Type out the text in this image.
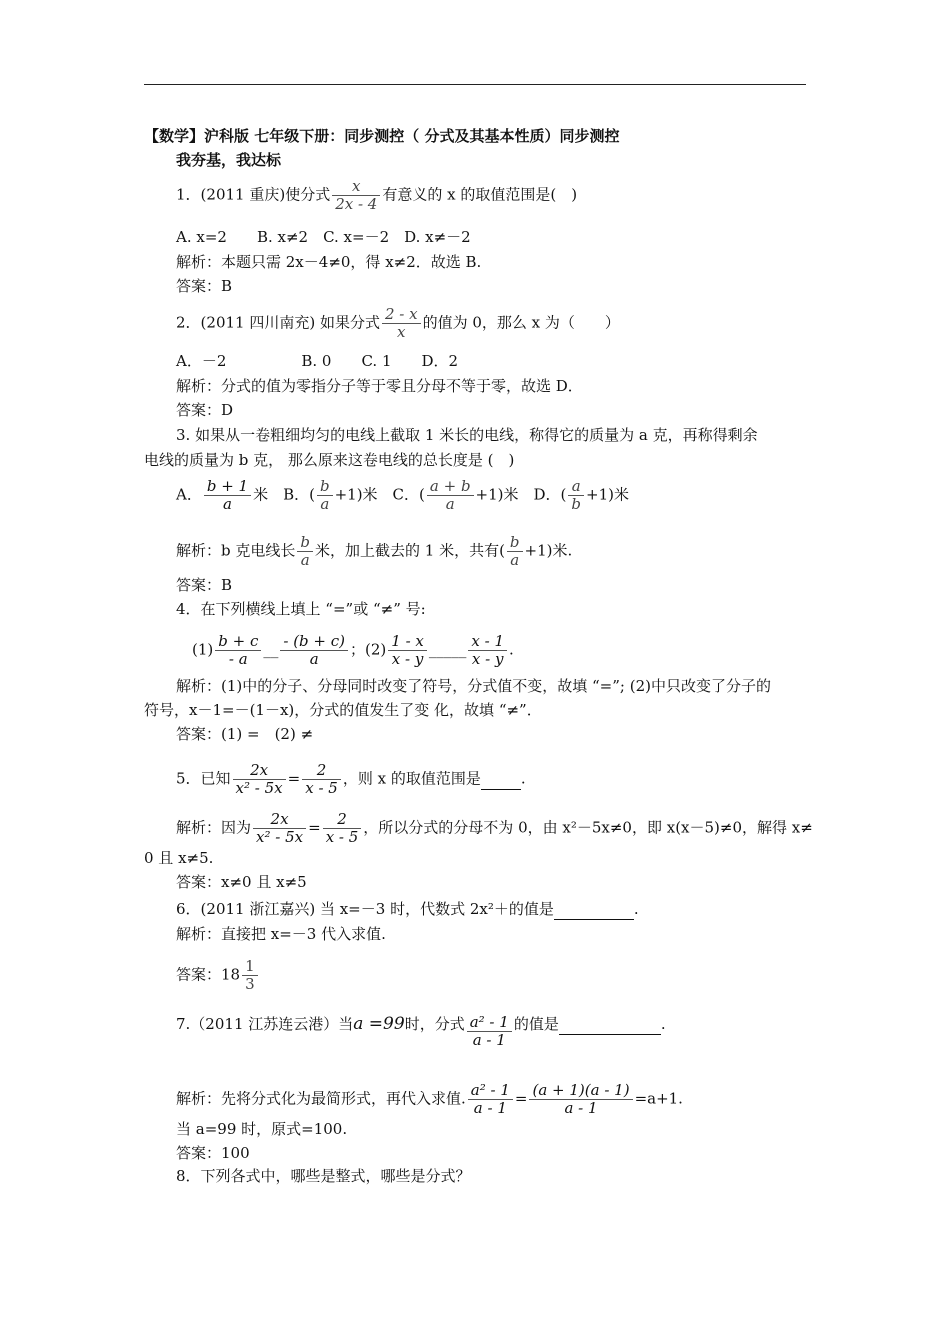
【数学】沪科版 七年级下册：同步测控（ 分式及其基本性质）同步测控
我夯基，我达标
1．(2011 重庆)使分式 $\frac{x}{2x - 4}$ 有意义的 x 的取值范围是(　)
A. x=2　　B. x≠2　C. x=－2　D. x≠－2
解析：本题只需 2x－4≠0，得 x≠2．故选 B.
答案：B
2．(2011 四川南充) 如果分式 $\frac{2 - x}{x}$ 的值为 0，那么 x 为（　　）
A．－2　　　　　B. 0　　C. 1　　D．2
解析：分式的值为零指分子等于零且分母不等于零，故选 D．
答案：D
3. 如果从一卷粗细均匀的电线上截取 1 米长的电线，称得它的质量为 a 克，再称得剩余
电线的质量为 b 克， 那么原来这卷电线的总长度是 (　)
A． $\frac{b + 1}{a}$ 米　B．( $\frac{b}{a} +1$)米　C．( $\frac{a + b}{a} +1$)米　D．( $\frac{a}{b} +1$)米
解析：b 克电线长 $\frac{b}{a}$ 米，加上截去的 1 米，共有( $\frac{b}{a} +1$)米.
答案：B
4．在下列横线上填上 “=”或 “≠” 号:
$(1) \frac{b + c}{- a}$ __ $\frac{- (b + c)}{a}$ ；$(2) \frac{1 - x}{x - y}$ _____ $\frac{x - 1}{x - y}$ .
解析：(1)中的分子、分母同时改变了符号，分式值不变，故填 “=”; (2)中只改变了分子的
符号，x－1=－(1－x)，分式的值发生了变 化，故填 “≠”．
答案：(1) =　(2) ≠
5．已知 $\frac{2x}{\text{x² - 5x}} = \frac{2}{x - 5}$ ，则 x 的取值范围是	.
解析：因为 $\frac{2x}{\text{x² - 5x}} = \frac{2}{x - 5}$ ，所以分式的分母不为 0，由 x²－5x≠0，即 x(x－5)≠0，解得 x≠
0 且 x≠5.
答案：x≠0 且 x≠5
6．(2011 浙江嘉兴) 当 x=－3 时，代数式 2x²＋的值是	.
解析：直接把 x=－3 代入求值.
答案：$18 \frac{1}{3}$
7.（2011 江苏连云港）当a =99时，分式 $\frac{\text{a² - 1}}{a - 1}$ 的值是	.
解析：先将分式化为最简形式，再代入求值. $\frac{\text{a² - 1}}{a - 1} = \frac{(a + 1)(a - 1)}{a - 1} =a+1$.
当 a=99 时，原式=100.
答案：100
8．下列各式中，哪些是整式，哪些是分式？
